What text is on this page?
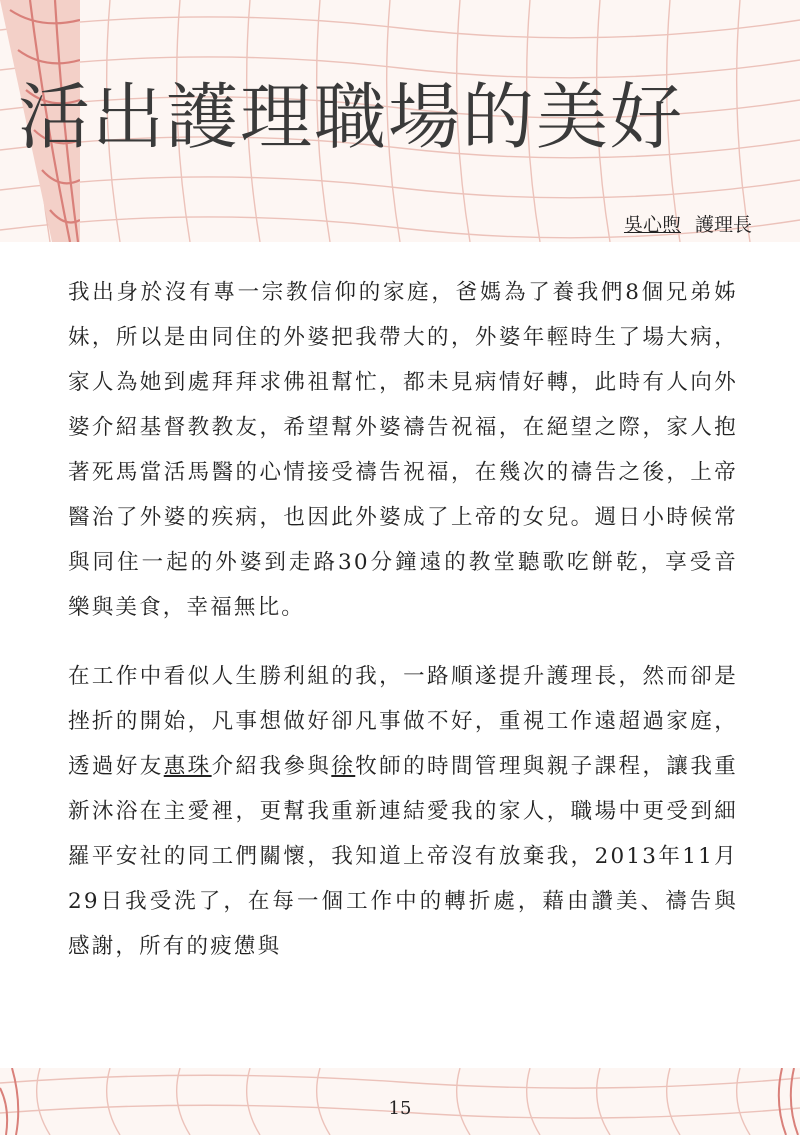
活出護理職場的美好
吳心煦 護理長

我出身於沒有專一宗教信仰的家庭，爸媽為了養我們8個兄弟姊妹，所以是由同住的外婆把我帶大的，外婆年輕時生了場大病，家人為她到處拜拜求佛祖幫忙，都未見病情好轉，此時有人向外婆介紹基督教教友，希望幫外婆禱告祝福，在絕望之際，家人抱著死馬當活馬醫的心情接受禱告祝福，在幾次的禱告之後，上帝醫治了外婆的疾病，也因此外婆成了上帝的女兒。週日小時候常與同住一起的外婆到走路30分鐘遠的教堂聽歌吃餅乾，享受音樂與美食，幸福無比。

在工作中看似人生勝利組的我，一路順遂提升護理長，然而卻是挫折的開始，凡事想做好卻凡事做不好，重視工作遠超過家庭，透過好友惠珠介紹我參與徐牧師的時間管理與親子課程，讓我重新沐浴在主愛裡，更幫我重新連結愛我的家人，職場中更受到細羅平安社的同工們關懷，我知道上帝沒有放棄我，2013年11月29日我受洗了，在每一個工作中的轉折處，藉由讚美、禱告與感謝，所有的疲憊與

15
